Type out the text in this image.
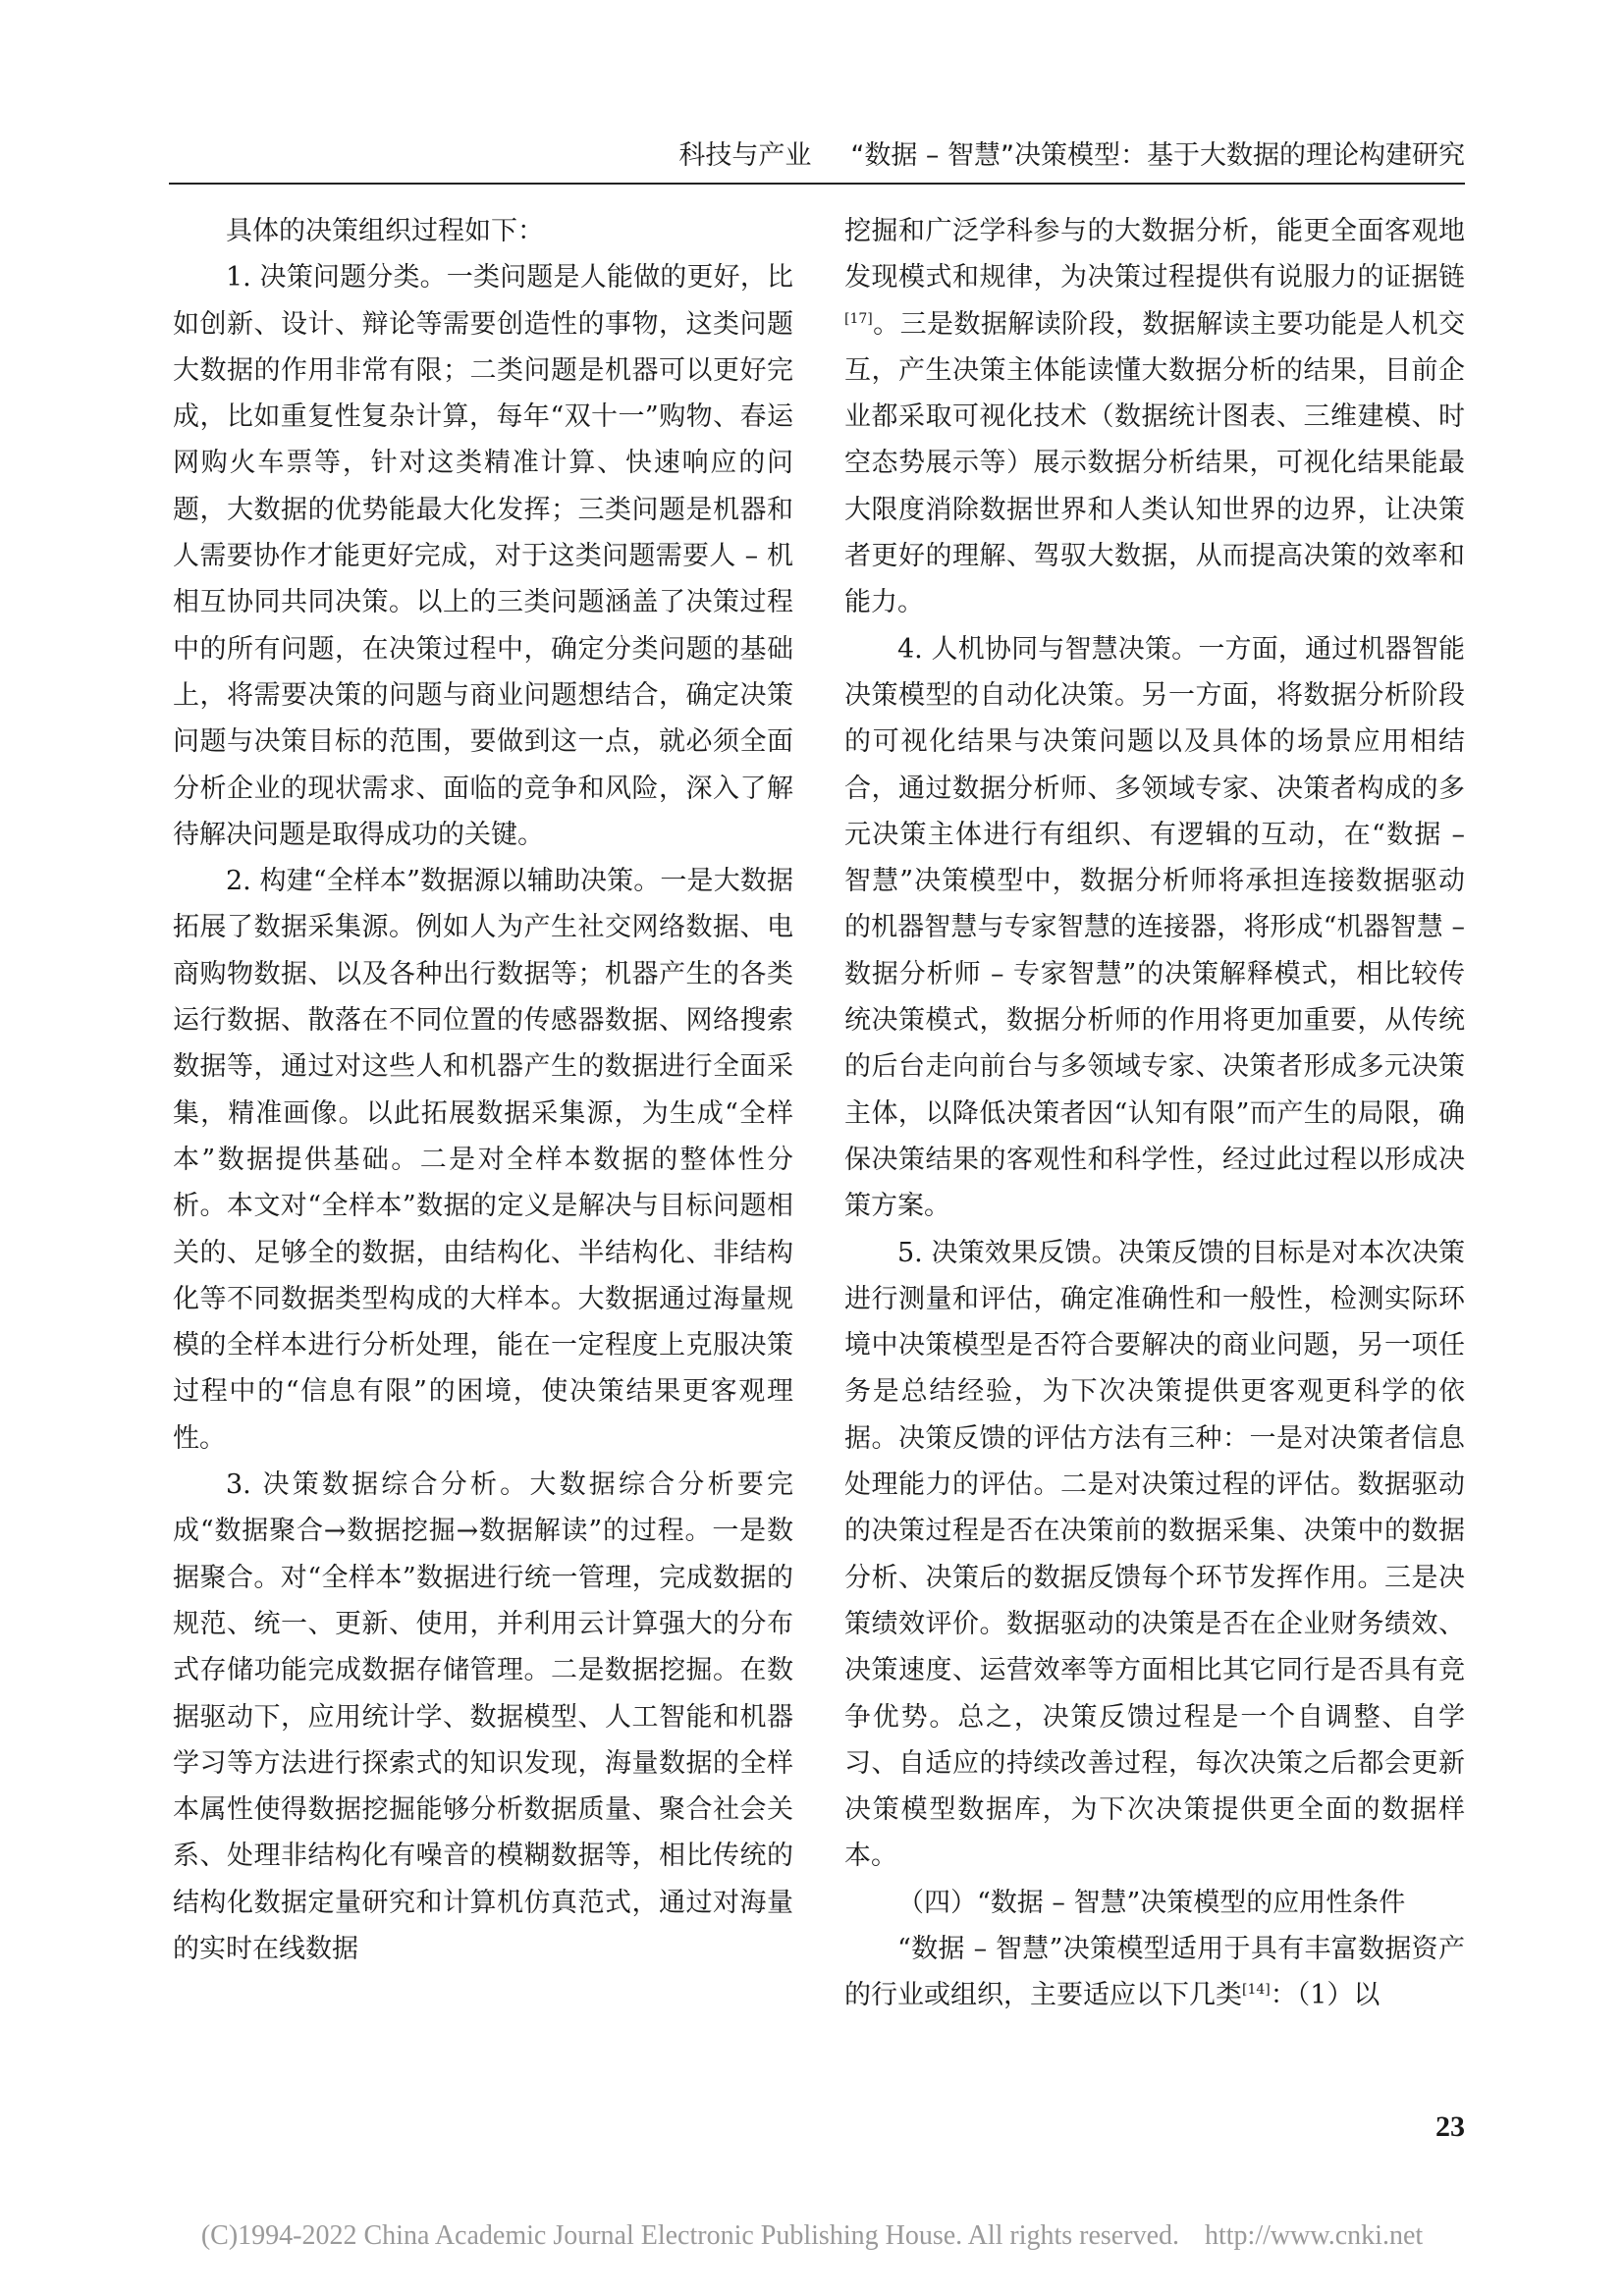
科技与产业 “数据 – 智慧”决策模型：基于大数据的理论构建研究

具体的决策组织过程如下：

1. 决策问题分类。一类问题是人能做的更好，比如创新、设计、辩论等需要创造性的事物，这类问题大数据的作用非常有限；二类问题是机器可以更好完成，比如重复性复杂计算，每年“双十一”购物、春运网购火车票等，针对这类精准计算、快速响应的问题，大数据的优势能最大化发挥；三类问题是机器和人需要协作才能更好完成，对于这类问题需要人 – 机相互协同共同决策。以上的三类问题涵盖了决策过程中的所有问题，在决策过程中，确定分类问题的基础上，将需要决策的问题与商业问题想结合，确定决策问题与决策目标的范围，要做到这一点，就必须全面分析企业的现状需求、面临的竞争和风险，深入了解待解决问题是取得成功的关键。

2. 构建“全样本”数据源以辅助决策。一是大数据拓展了数据采集源。例如人为产生社交网络数据、电商购物数据、以及各种出行数据等；机器产生的各类运行数据、散落在不同位置的传感器数据、网络搜索数据等，通过对这些人和机器产生的数据进行全面采集，精准画像。以此拓展数据采集源，为生成“全样本”数据提供基础。二是对全样本数据的整体性分析。本文对“全样本”数据的定义是解决与目标问题相关的、足够全的数据，由结构化、半结构化、非结构化等不同数据类型构成的大样本。大数据通过海量规模的全样本进行分析处理，能在一定程度上克服决策过程中的“信息有限”的困境，使决策结果更客观理性。

3. 决策数据综合分析。大数据综合分析要完成“数据聚合→数据挖掘→数据解读”的过程。一是数据聚合。对“全样本”数据进行统一管理，完成数据的规范、统一、更新、使用，并利用云计算强大的分布式存储功能完成数据存储管理。二是数据挖掘。在数据驱动下，应用统计学、数据模型、人工智能和机器学习等方法进行探索式的知识发现，海量数据的全样本属性使得数据挖掘能够分析数据质量、聚合社会关系、处理非结构化有噪音的模糊数据等，相比传统的结构化数据定量研究和计算机仿真范式，通过对海量的实时在线数据

挖掘和广泛学科参与的大数据分析，能更全面客观地发现模式和规律，为决策过程提供有说服力的证据链[17]。三是数据解读阶段，数据解读主要功能是人机交互，产生决策主体能读懂大数据分析的结果，目前企业都采取可视化技术（数据统计图表、三维建模、时空态势展示等）展示数据分析结果，可视化结果能最大限度消除数据世界和人类认知世界的边界，让决策者更好的理解、驾驭大数据，从而提高决策的效率和能力。

4. 人机协同与智慧决策。一方面，通过机器智能决策模型的自动化决策。另一方面，将数据分析阶段的可视化结果与决策问题以及具体的场景应用相结合，通过数据分析师、多领域专家、决策者构成的多元决策主体进行有组织、有逻辑的互动，在“数据 – 智慧”决策模型中，数据分析师将承担连接数据驱动的机器智慧与专家智慧的连接器，将形成“机器智慧 – 数据分析师 – 专家智慧”的决策解释模式，相比较传统决策模式，数据分析师的作用将更加重要，从传统的后台走向前台与多领域专家、决策者形成多元决策主体，以降低决策者因“认知有限”而产生的局限，确保决策结果的客观性和科学性，经过此过程以形成决策方案。

5. 决策效果反馈。决策反馈的目标是对本次决策进行测量和评估，确定准确性和一般性，检测实际环境中决策模型是否符合要解决的商业问题，另一项任务是总结经验，为下次决策提供更客观更科学的依据。决策反馈的评估方法有三种：一是对决策者信息处理能力的评估。二是对决策过程的评估。数据驱动的决策过程是否在决策前的数据采集、决策中的数据分析、决策后的数据反馈每个环节发挥作用。三是决策绩效评价。数据驱动的决策是否在企业财务绩效、决策速度、运营效率等方面相比其它同行是否具有竞争优势。总之，决策反馈过程是一个自调整、自学习、自适应的持续改善过程，每次决策之后都会更新决策模型数据库，为下次决策提供更全面的数据样本。

（四）“数据 – 智慧”决策模型的应用性条件

“数据 – 智慧”决策模型适用于具有丰富数据资产的行业或组织，主要适应以下几类[14]：（1）以

23
(C)1994-2022 China Academic Journal Electronic Publishing House. All rights reserved. http://www.cnki.net
